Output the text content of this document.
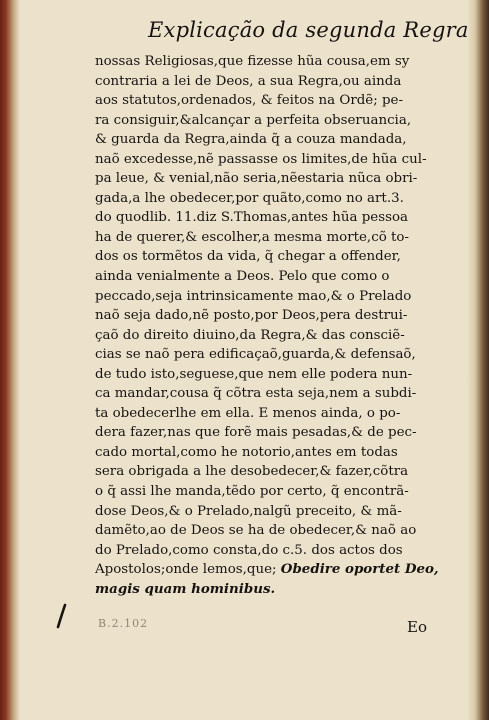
Explicação da segunda Regra
nossas Religiosas,que fizesse hũa cousa,em sy
contraria a lei de Deos, a sua Regra,ou ainda
aos statutos,ordenados, & feitos na Ordẽ; pe-
ra consiguir,&alcançar a perfeita obseruancia,
& guarda da Regra,ainda q̃ a couza mandada,
naõ excedesse,nẽ passasse os limites,de hũa cul-
pa leue, & venial,não seria,nẽestaria nũca obri-
gada,a lhe obedecer,por quãto,como no art.3.
do quodlib. 11.diz S.Thomas,antes hũa pessoa
ha de querer,& escolher,a mesma morte,cõ to-
dos os tormẽtos da vida, q̃ chegar a offender,
ainda venialmente a Deos. Pelo que como o
peccado,seja intrinsicamente mao,& o Prelado
naõ seja dado,nẽ posto,por Deos,pera destrui-
çaõ do direito diuino,da Regra,& das consciẽ-
cias se naõ pera edificaçaõ,guarda,& defensaõ,
de tudo isto,seguese,que nem elle podera nun-
ca mandar,cousa q̃ cõtra esta seja,nem a subdi-
ta obedecerlhe em ella. E menos ainda, o po-
dera fazer,nas que forẽ mais pesadas,& de pec-
cado mortal,como he notorio,antes em todas
sera obrigada a lhe desobedecer,& fazer,cõtra
o q̃ assi lhe manda,tẽdo por certo, q̃ encontrã-
dose Deos,& o Prelado,nalgũ preceito, & mã-
damẽto,ao de Deos se ha de obedecer,& naõ ao
do Prelado,como consta,do c.5. dos actos dos
Apostolos;onde lemos,que; Obedire oportet Deo,
magis quam hominibus.
B.2.102	Eo
